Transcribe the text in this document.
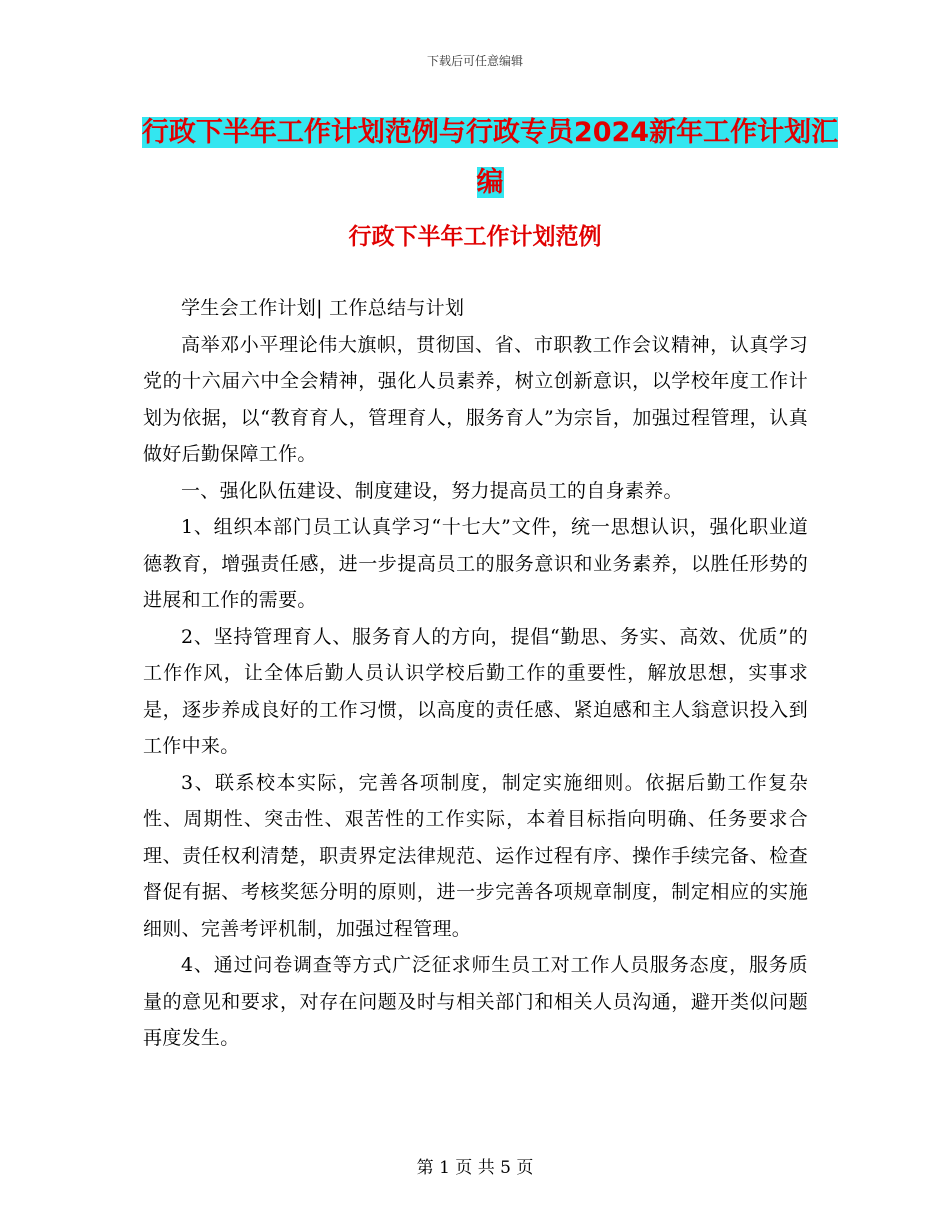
下载后可任意编辑
行政下半年工作计划范例与行政专员2024新年工作计划汇编
行政下半年工作计划范例

学生会工作计划| 工作总结与计划

高举邓小平理论伟大旗帜，贯彻国、省、市职教工作会议精神，认真学习党的十六届六中全会精神，强化人员素养，树立创新意识，以学校年度工作计划为依据，以“教育育人，管理育人，服务育人”为宗旨，加强过程管理，认真做好后勤保障工作。

一、强化队伍建设、制度建设，努力提高员工的自身素养。

1、组织本部门员工认真学习“十七大”文件，统一思想认识，强化职业道德教育，增强责任感，进一步提高员工的服务意识和业务素养，以胜任形势的进展和工作的需要。

2、坚持管理育人、服务育人的方向，提倡“勤思、务实、高效、优质”的工作作风，让全体后勤人员认识学校后勤工作的重要性，解放思想，实事求是，逐步养成良好的工作习惯，以高度的责任感、紧迫感和主人翁意识投入到工作中来。

3、联系校本实际，完善各项制度，制定实施细则。依据后勤工作复杂性、周期性、突击性、艰苦性的工作实际，本着目标指向明确、任务要求合理、责任权利清楚，职责界定法律规范、运作过程有序、操作手续完备、检查督促有据、考核奖惩分明的原则，进一步完善各项规章制度，制定相应的实施细则、完善考评机制，加强过程管理。

4、通过问卷调查等方式广泛征求师生员工对工作人员服务态度，服务质量的意见和要求，对存在问题及时与相关部门和相关人员沟通，避开类似问题再度发生。

第 1 页 共 5 页
